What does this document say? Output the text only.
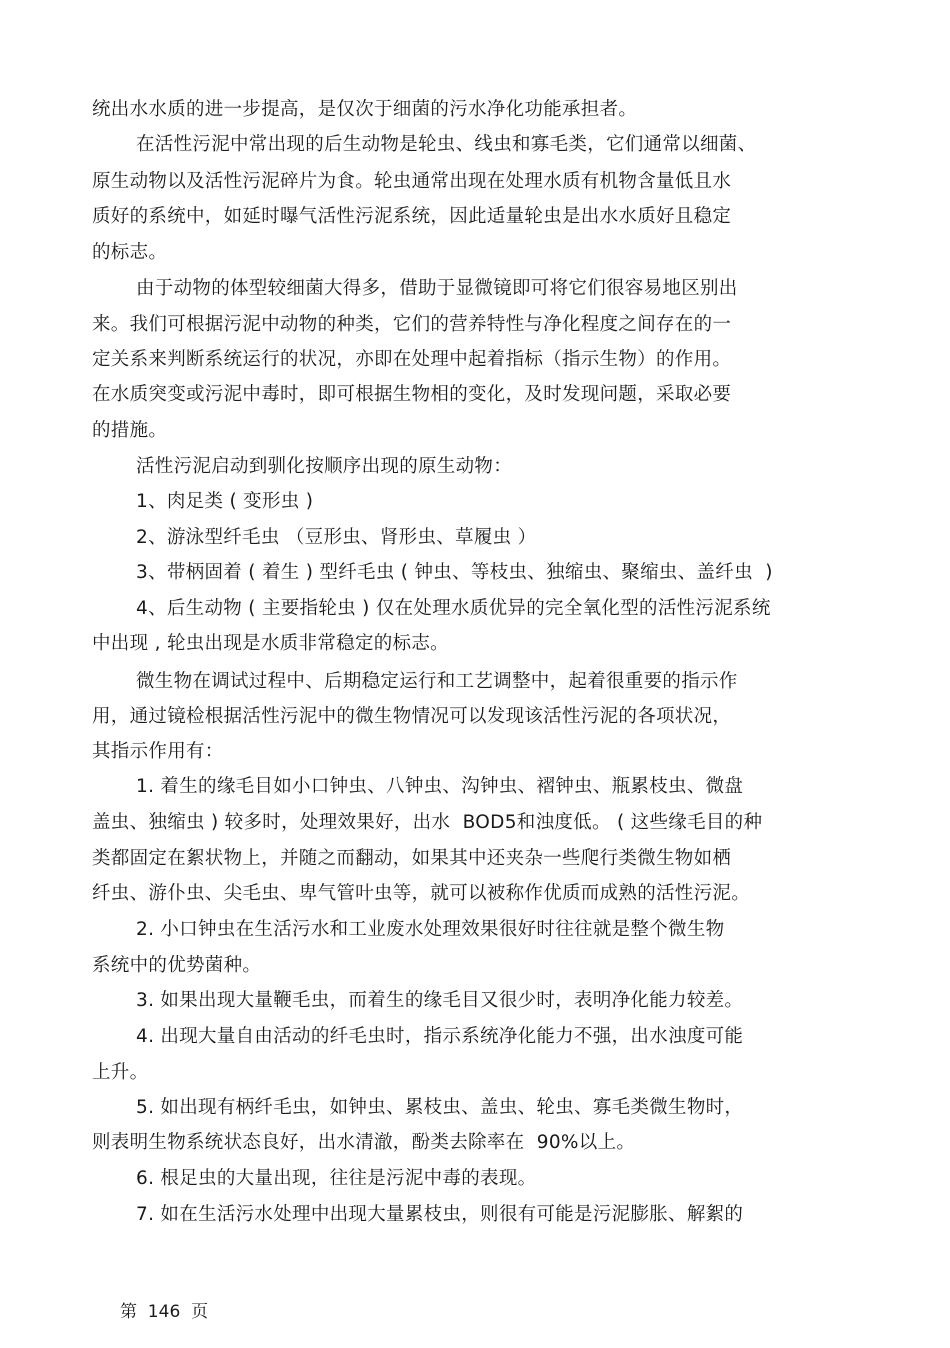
统出水水质的进一步提高，是仅次于细菌的污水净化功能承担者。
在活性污泥中常出现的后生动物是轮虫、线虫和寡毛类，它们通常以细菌、
原生动物以及活性污泥碎片为食。轮虫通常出现在处理水质有机物含量低且水
质好的系统中，如延时曝气活性污泥系统，因此适量轮虫是出水水质好且稳定
的标志。
由于动物的体型较细菌大得多，借助于显微镜即可将它们很容易地区别出
来。我们可根据污泥中动物的种类，它们的营养特性与净化程度之间存在的一
定关系来判断系统运行的状况，亦即在处理中起着指标（指示生物）的作用。
在水质突变或污泥中毒时，即可根据生物相的变化，及时发现问题，采取必要
的措施。
活性污泥启动到驯化按顺序出现的原生动物：
1、肉足类 ( 变形虫 )
2、游泳型纤毛虫 （豆形虫、肾形虫、草履虫 ）
3、带柄固着 ( 着生 ) 型纤毛虫 ( 钟虫、等枝虫、独缩虫、聚缩虫、盖纤虫  )
4、后生动物 ( 主要指轮虫 ) 仅在处理水质优异的完全氧化型的活性污泥系统
中出现 , 轮虫出现是水质非常稳定的标志。
微生物在调试过程中、后期稳定运行和工艺调整中，起着很重要的指示作
用，通过镜检根据活性污泥中的微生物情况可以发现该活性污泥的各项状况，
其指示作用有：
1. 着生的缘毛目如小口钟虫、八钟虫、沟钟虫、褶钟虫、瓶累枝虫、微盘
盖虫、独缩虫 ) 较多时，处理效果好，出水  BOD5和浊度低。 ( 这些缘毛目的种
类都固定在絮状物上，并随之而翻动，如果其中还夹杂一些爬行类微生物如栖
纤虫、游仆虫、尖毛虫、卑气管叶虫等，就可以被称作优质而成熟的活性污泥。
2. 小口钟虫在生活污水和工业废水处理效果很好时往往就是整个微生物
系统中的优势菌种。
3. 如果出现大量鞭毛虫，而着生的缘毛目又很少时，表明净化能力较差。
4. 出现大量自由活动的纤毛虫时，指示系统净化能力不强，出水浊度可能
上升。
5. 如出现有柄纤毛虫，如钟虫、累枝虫、盖虫、轮虫、寡毛类微生物时，
则表明生物系统状态良好，出水清澈，酚类去除率在  90%以上。
6. 根足虫的大量出现，往往是污泥中毒的表现。
7. 如在生活污水处理中出现大量累枝虫，则很有可能是污泥膨胀、解絮的
第  146  页
